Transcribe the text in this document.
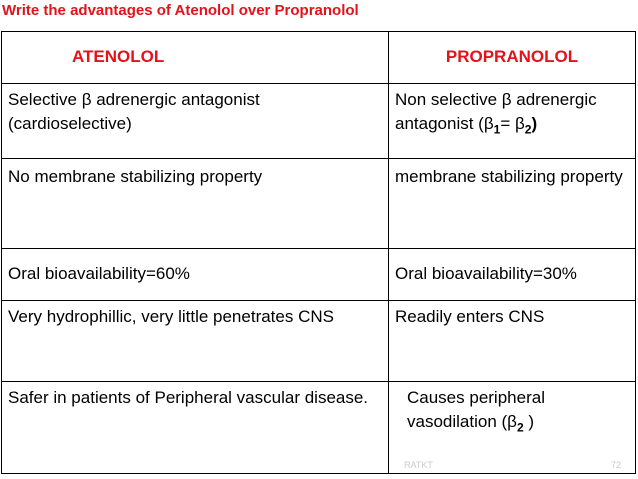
Write the advantages of Atenolol over Propranolol
ATENOLOL	PROPRANOLOL
Selective β adrenergic antagonist (cardioselective)	Non selective β adrenergic antagonist $(\beta_1= \beta_2)$
No membrane stabilizing property	membrane stabilizing property
Oral bioavailability=60%	Oral bioavailability=30%
Very hydrophillic, very little penetrates CNS	Readily enters CNS
Safer in patients of Peripheral vascular disease.	Causes peripheral vasodilation ($\beta_2$ )
RATKT	72
